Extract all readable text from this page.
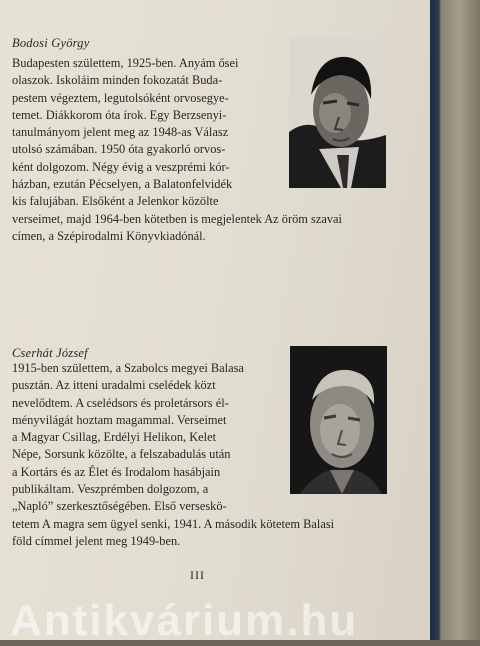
Bodosi György

Budapesten születtem, 1925-ben. Anyám ősei
olaszok. Iskoláim minden fokozatát Buda-
pestem végeztem, legutolsóként orvosegye-
temet. Diákkorom óta írok. Egy Berzsenyi-
tanulmányom jelent meg az 1948-as Válasz
utolsó számában. 1950 óta gyakorló orvos-
ként dolgozom. Négy évig a veszprémi kór-
házban, ezután Pécselyen, a Balatonfelvidék
kis falujában. Elsőként a Jelenkor közölte
verseimet, majd 1964-ben kötetben is megjelentek Az öröm szavai
címen, a Szépirodalmi Könyvkiadónál.

Cserhát József

1915-ben születtem, a Szabolcs megyei Balasa
pusztán. Az itteni uradalmi cselédek közt
nevelődtem. A cselédsors és proletársors él-
ményvilágát hoztam magammal. Verseimet
a Magyar Csillag, Erdélyi Helikon, Kelet
Népe, Sorsunk közölte, a felszabadulás után
a Kortárs és az Élet és Irodalom hasábjain
publikáltam. Veszprémben dolgozom, a
„Napló” szerkesztőségében. Első verseskö-
tetem A magra sem ügyel senki, 1941. A második kötetem Balasi
föld címmel jelent meg 1949-ben.

III
Antikvárium.hu
